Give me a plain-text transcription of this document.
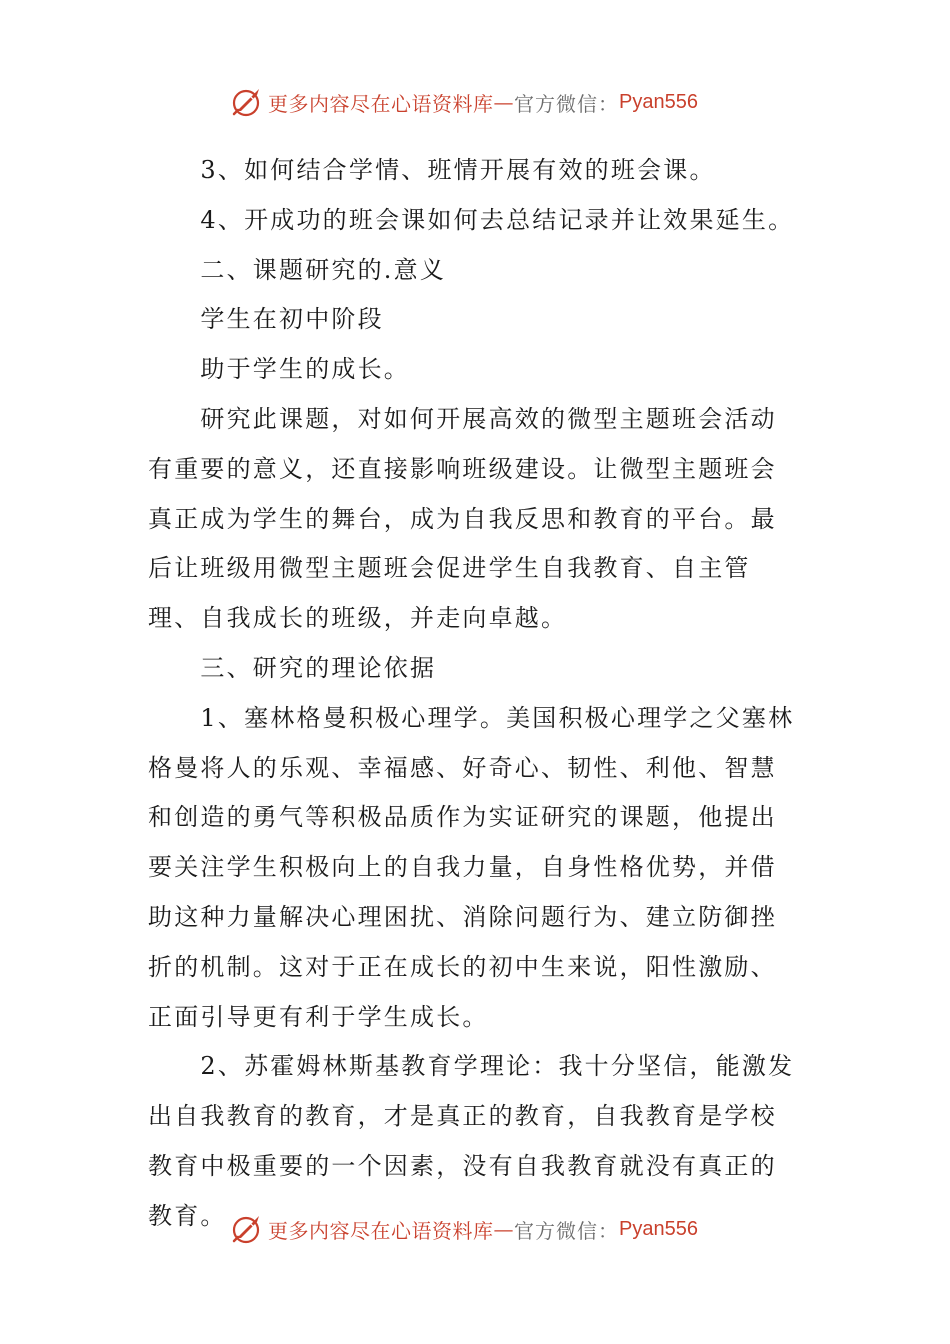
更多内容尽在心语资料库 — 官方微信： Pyan556

　　3、如何结合学情、班情开展有效的班会课。

　　4、开成功的班会课如何去总结记录并让效果延生。

　　二、课题研究的.意义

　　学生在初中阶段

　　助于学生的成长。

　　研究此课题，对如何开展高效的微型主题班会活动有重要的意义，还直接影响班级建设。让微型主题班会真正成为学生的舞台，成为自我反思和教育的平台。最后让班级用微型主题班会促进学生自我教育、自主管理、自我成长的班级，并走向卓越。

　　三、研究的理论依据

　　1、塞林格曼积极心理学。美国积极心理学之父塞林格曼将人的乐观、幸福感、好奇心、韧性、利他、智慧和创造的勇气等积极品质作为实证研究的课题，他提出要关注学生积极向上的自我力量，自身性格优势，并借助这种力量解决心理困扰、消除问题行为、建立防御挫折的机制。这对于正在成长的初中生来说，阳性激励、正面引导更有利于学生成长。

　　2、苏霍姆林斯基教育学理论：我十分坚信，能激发出自我教育的教育，才是真正的教育，自我教育是学校教育中极重要的一个因素，没有自我教育就没有真正的教育。

更多内容尽在心语资料库 — 官方微信： Pyan556
